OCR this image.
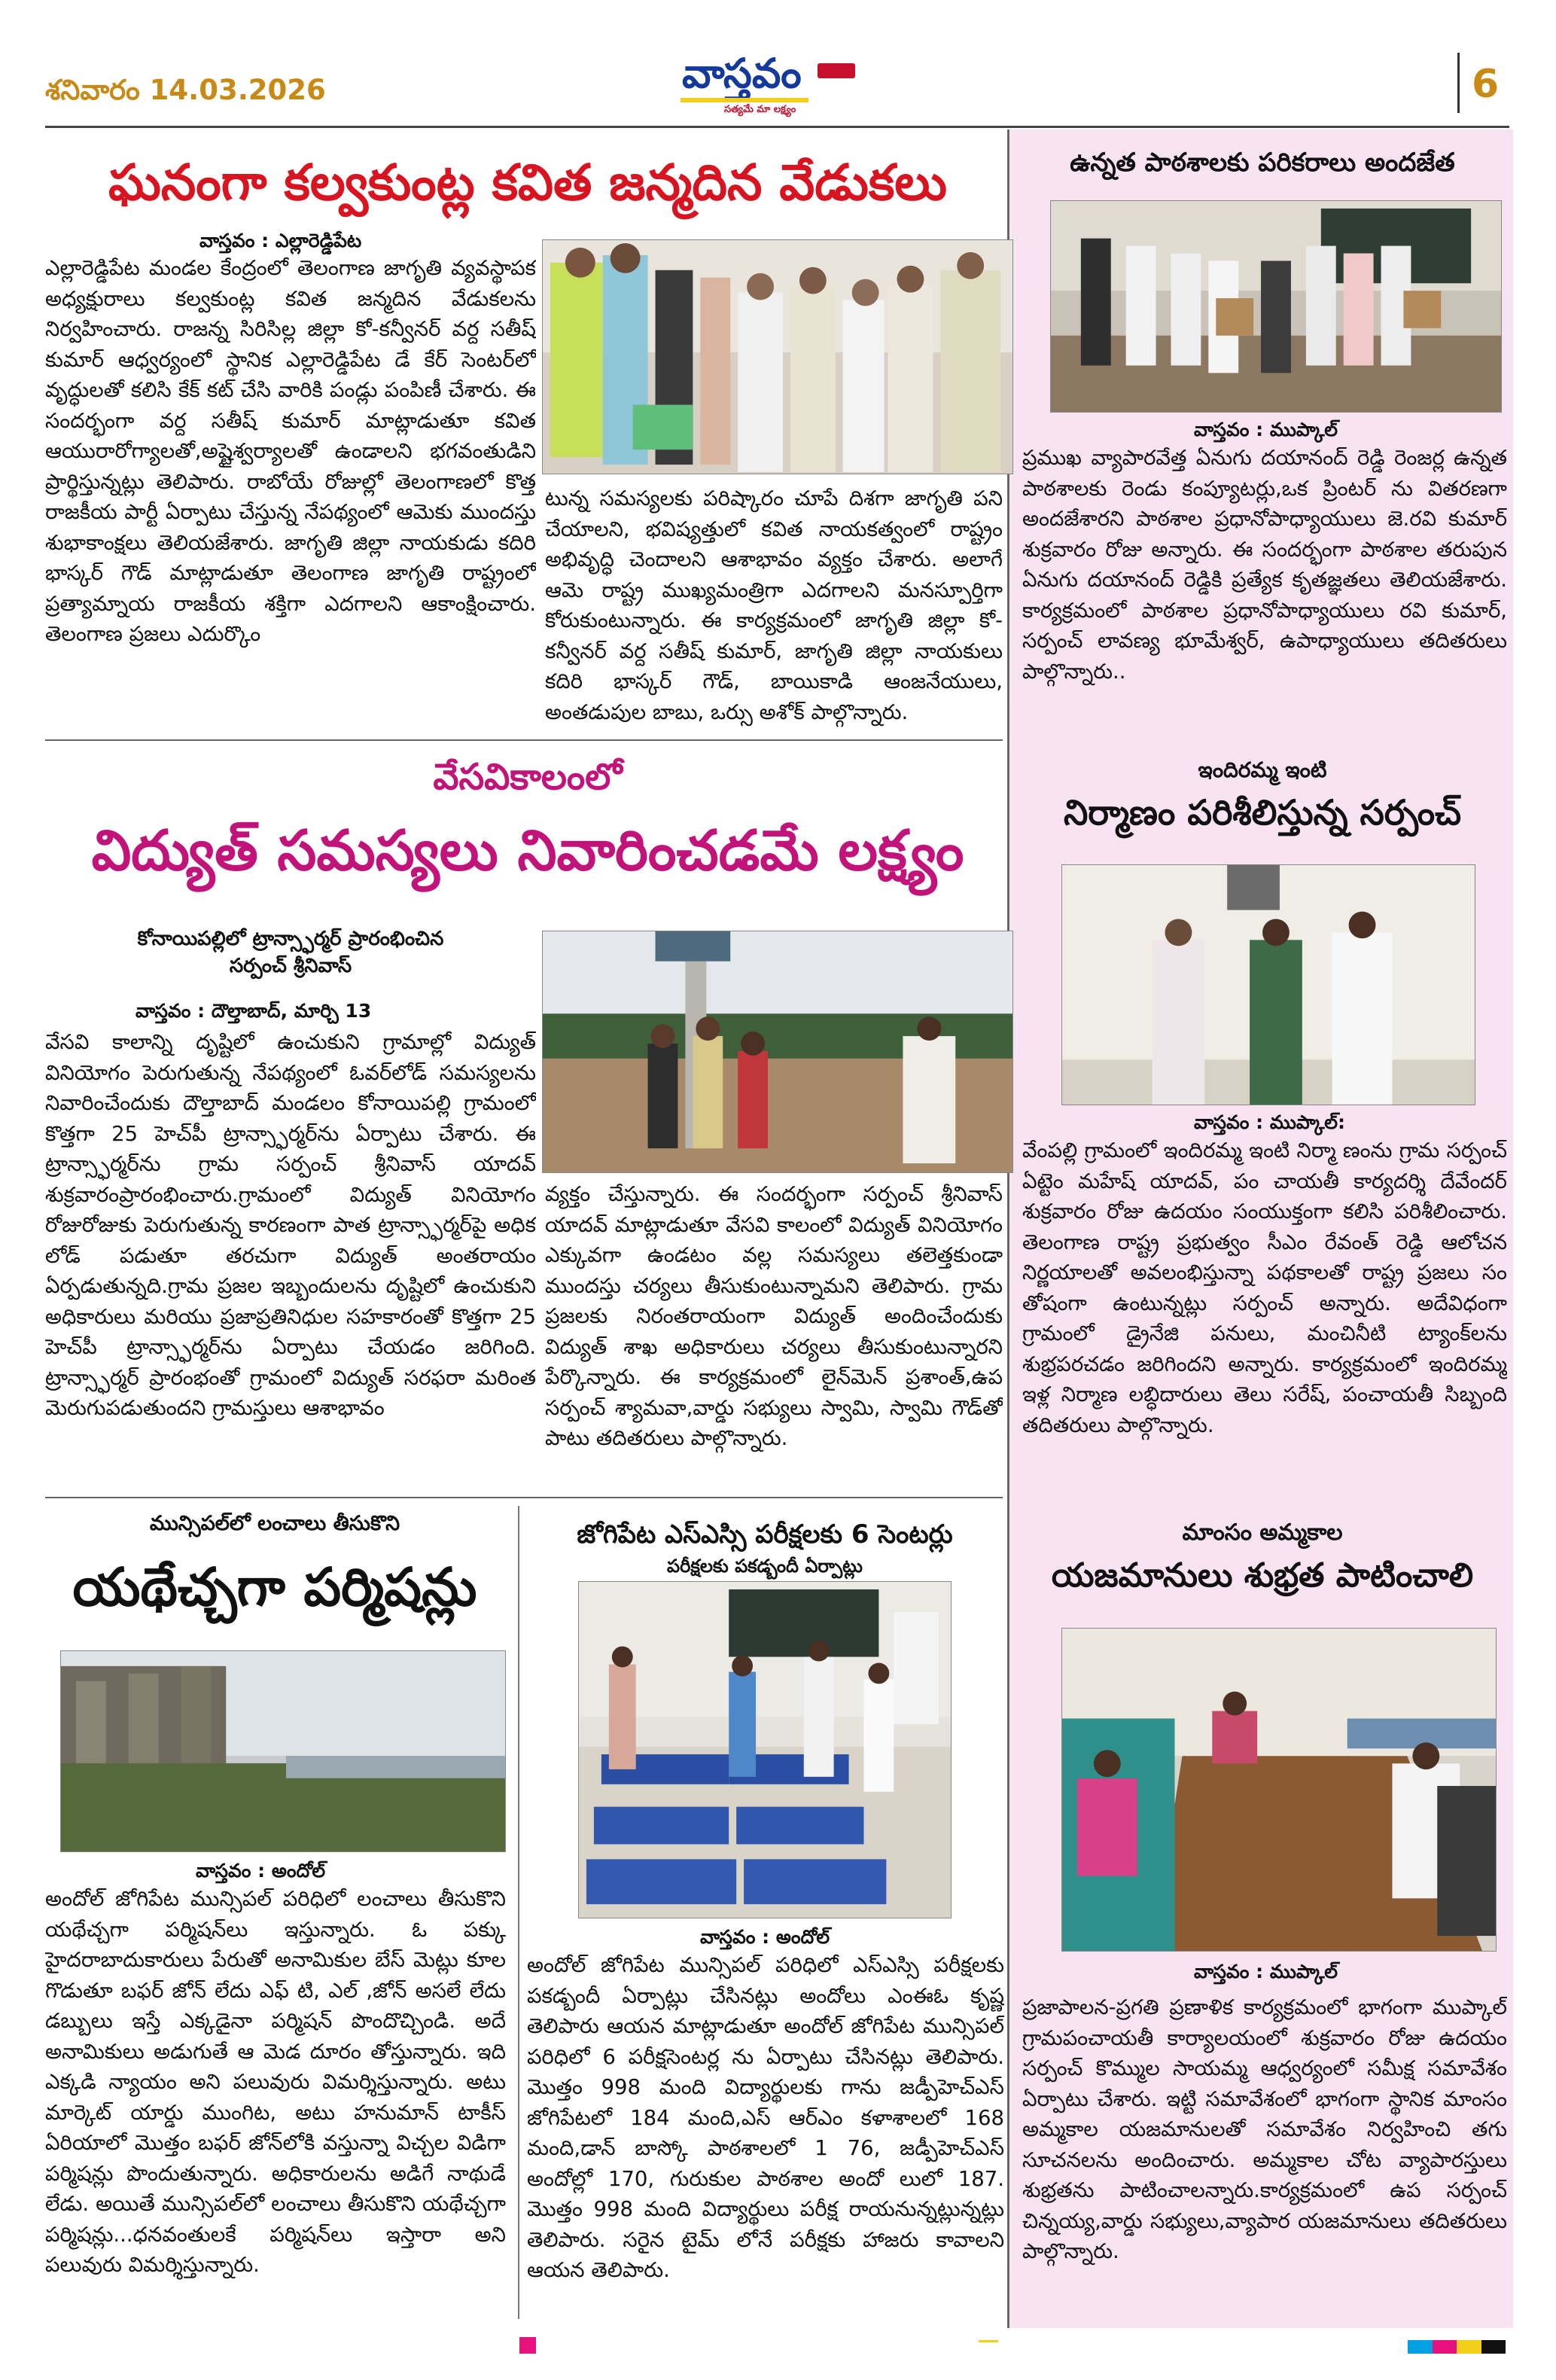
శనివారం 14.03.2026	వాస్తవం
సత్యమే మా లక్ష్యం
6
ఘనంగా కల్వకుంట్ల కవిత జన్మదిన వేడుకలు
వాస్తవం : ఎల్లారెడ్డిపేట
ఎల్లారెడ్డిపేట మండల కేంద్రంలో తెలంగాణ జాగృతి వ్యవస్థాపక అధ్యక్షురాలు కల్వకుంట్ల కవిత జన్మదిన వేడుకలను నిర్వహించారు. రాజన్న సిరిసిల్ల జిల్లా కో-కన్వీనర్ వర్ద సతీష్ కుమార్ ఆధ్వర్యంలో స్థానిక ఎల్లారెడ్డిపేట డే కేర్ సెంటర్‌లో వృద్ధులతో కలిసి కేక్ కట్ చేసి వారికి పండ్లు పంపిణీ చేశారు. ఈ సందర్భంగా వర్ద సతీష్ కుమార్ మాట్లాడుతూ కవిత ఆయురారోగ్యాలతో,అష్టైశ్వర్యాలతో ఉండాలని భగవంతుడిని ప్రార్థిస్తున్నట్లు తెలిపారు. రాబోయే రోజుల్లో తెలంగాణలో కొత్త రాజకీయ పార్టీ ఏర్పాటు చేస్తున్న నేపథ్యంలో ఆమెకు ముందస్తు శుభాకాంక్షలు తెలియజేశారు. జాగృతి జిల్లా నాయకుడు కదిరి భాస్కర్ గౌడ్ మాట్లాడుతూ తెలంగాణ జాగృతి రాష్ట్రంలో ప్రత్యామ్నాయ రాజకీయ శక్తిగా ఎదగాలని ఆకాంక్షించారు. తెలంగాణ ప్రజలు ఎదుర్కొం
టున్న సమస్యలకు పరిష్కారం చూపే దిశగా జాగృతి పని చేయాలని, భవిష్యత్తులో కవిత నాయకత్వంలో రాష్ట్రం అభివృద్ధి చెందాలని ఆశాభావం వ్యక్తం చేశారు. అలాగే ఆమె రాష్ట్ర ముఖ్యమంత్రిగా ఎదగాలని మనస్పూర్తిగా కోరుకుంటున్నారు. ఈ కార్యక్రమంలో జాగృతి జిల్లా కో-కన్వీనర్ వర్ద సతీష్ కుమార్, జాగృతి జిల్లా నాయకులు కదిరి భాస్కర్ గౌడ్, బాయికాడి ఆంజనేయులు, అంతడుపుల బాబు, ఒర్సు అశోక్ పాల్గొన్నారు.
వేసవికాలంలో
విద్యుత్ సమస్యలు నివారించడమే లక్ష్యం
కోనాయిపల్లిలో ట్రాన్స్ఫార్మర్ ప్రారంభించిన
సర్పంచ్ శ్రీనివాస్
వాస్తవం : దౌల్తాబాద్, మార్చి 13
వేసవి కాలాన్ని దృష్టిలో ఉంచుకుని గ్రామాల్లో విద్యుత్ వినియోగం పెరుగుతున్న నేపథ్యంలో ఓవర్‌లోడ్ సమస్యలను నివారించేందుకు దౌల్తాబాద్ మండలం కోనాయిపల్లి గ్రామంలో కొత్తగా 25 హెచ్‌పీ ట్రాన్స్ఫార్మర్‌ను ఏర్పాటు చేశారు. ఈ ట్రాన్స్ఫార్మర్‌ను గ్రామ సర్పంచ్ శ్రీనివాస్ యాదవ్ శుక్రవారంప్రారంభించారు.గ్రామంలో విద్యుత్ వినియోగం రోజురోజుకు పెరుగుతున్న కారణంగా పాత ట్రాన్స్ఫార్మర్‌పై అధిక లోడ్ పడుతూ తరచుగా విద్యుత్ అంతరాయం ఏర్పడుతున్నది.గ్రామ ప్రజల ఇబ్బందులను దృష్టిలో ఉంచుకుని అధికారులు మరియు ప్రజాప్రతినిధుల సహకారంతో కొత్తగా 25 హెచ్‌పీ ట్రాన్స్ఫార్మర్‌ను ఏర్పాటు చేయడం జరిగింది. ట్రాన్స్ఫార్మర్ ప్రారంభంతో గ్రామంలో విద్యుత్ సరఫరా మరింత మెరుగుపడుతుందని గ్రామస్తులు ఆశాభావం
వ్యక్తం చేస్తున్నారు. ఈ సందర్భంగా సర్పంచ్ శ్రీనివాస్ యాదవ్ మాట్లాడుతూ వేసవి కాలంలో విద్యుత్ వినియోగం ఎక్కువగా ఉండటం వల్ల సమస్యలు తలెత్తకుండా ముందస్తు చర్యలు తీసుకుంటున్నామని తెలిపారు. గ్రామ ప్రజలకు నిరంతరాయంగా విద్యుత్ అందించేందుకు విద్యుత్ శాఖ అధికారులు చర్యలు తీసుకుంటున్నారని పేర్కొన్నారు. ఈ కార్యక్రమంలో లైన్‌మెన్ ప్రశాంత్,ఉప సర్పంచ్ శ్యామవా,వార్డు సభ్యులు స్వామి, స్వామి గౌడ్‌తో పాటు తదితరులు పాల్గొన్నారు.
మున్సిపల్‌లో లంచాలు తీసుకొని
యథేచ్చగా పర్మిషన్లు
వాస్తవం : అందోల్
అందోల్ జోగిపేట మున్సిపల్ పరిధిలో లంచాలు తీసుకొని యథేచ్చగా పర్మిషన్‌లు ఇస్తున్నారు. ఓ పక్కు హైదరాబాదుకారులు పేరుతో అనామికుల బేస్ మెట్లు కూల గొడుతూ బఫర్ జోన్ లేదు ఎఫ్ టి, ఎల్ ,జోన్ అసలే లేదు డబ్బులు ఇస్తే ఎక్కడైనా పర్మిషన్ పొందొచ్చిండి. అదే అనామికులు అడుగుతే ఆ మెడ దూరం తోస్తున్నారు. ఇది ఎక్కడి న్యాయం అని పలువురు విమర్శిస్తున్నారు. అటు మార్కెట్ యార్డు ముంగిట, అటు హనుమాన్ టాకీస్ ఏరియాలో మొత్తం బఫర్ జోన్‌లోకి వస్తున్నా విచ్చల విడిగా పర్మిషన్లు పొందుతున్నారు. అధికారులను అడిగే నాథుడే లేడు. అయితే మున్సిపల్‌లో లంచాలు తీసుకొని యథేచ్చగా పర్మిషన్లు...ధనవంతులకే పర్మిషన్‌లు ఇస్తారా అని పలువురు విమర్శిస్తున్నారు.
జోగిపేట ఎస్ఎస్సి పరీక్షలకు 6 సెంటర్లు
పరీక్షలకు పకడ్బందీ ఏర్పాట్లు
వాస్తవం : అందోల్
అందోల్ జోగిపేట మున్సిపల్ పరిధిలో ఎస్ఎస్సి పరీక్షలకు పకడ్బందీ ఏర్పాట్లు చేసినట్లు అందోలు ఎంఈఓ కృష్ణ తెలిపారు ఆయన మాట్లాడుతూ అందోల్ జోగిపేట మున్సిపల్ పరిధిలో 6 పరీక్షసెంటర్ల ను ఏర్పాటు చేసినట్లు తెలిపారు. మొత్తం 998 మంది విద్యార్థులకు గాను జడ్పీహెచ్ఎస్ జోగిపేటలో 184 మంది,ఎస్ ఆర్ఎం కళాశాలలో 168 మంది,డాన్ బాస్కో పాఠశాలలో 1 76, జడ్పీహెచ్ఎస్ అందోల్లో 170, గురుకుల పాఠశాల అందో లులో 187. మొత్తం 998 మంది విద్యార్థులు పరీక్ష రాయనున్నట్లున్నట్లు తెలిపారు. సరైన టైమ్ లోనే పరీక్షకు హాజరు కావాలని ఆయన తెలిపారు.
ఉన్నత పాఠశాలకు పరికరాలు అందజేత
వాస్తవం : ముప్కాల్
ప్రముఖ వ్యాపారవేత్త ఏనుగు దయానంద్ రెడ్డి రెంజర్ల ఉన్నత పాఠశాలకు రెండు కంప్యూటర్లు,ఒక ప్రింటర్ ను వితరణగా అందజేశారని పాఠశాల ప్రధానోపాధ్యాయులు జె.రవి కుమార్ శుక్రవారం రోజు అన్నారు. ఈ సందర్భంగా పాఠశాల తరుపున ఏనుగు దయానంద్ రెడ్డికి ప్రత్యేక కృతజ్ఞతలు తెలియజేశారు. కార్యక్రమంలో పాఠశాల ప్రధానోపాధ్యాయులు రవి కుమార్, సర్పంచ్ లావణ్య భూమేశ్వర్, ఉపాధ్యాయులు తదితరులు పాల్గొన్నారు..
ఇందిరమ్మ ఇంటి
నిర్మాణం పరిశీలిస్తున్న సర్పంచ్
వాస్తవం : ముప్కాల్:
వేంపల్లి గ్రామంలో ఇందిరమ్మ ఇంటి నిర్మా ణంను గ్రామ సర్పంచ్ ఏట్టెం మహేష్ యాదవ్, పం చాయతీ కార్యదర్శి దేవేందర్ శుక్రవారం రోజు ఉదయం సంయుక్తంగా కలిసి పరిశీలించారు. తెలంగాణ రాష్ట్ర ప్రభుత్వం సీఎం రేవంత్ రెడ్డి ఆలోచన నిర్ణయాలతో అవలంభిస్తున్నా పథకాలతో రాష్ట్ర ప్రజలు సం తోషంగా ఉంటున్నట్లు సర్పంచ్ అన్నారు. అదేవిధంగా గ్రామంలో డ్రైనేజి పనులు, మంచినీటి ట్యాంక్‌లను శుభ్రపరచడం జరిగిందని అన్నారు. కార్యక్రమంలో ఇందిరమ్మ ఇళ్ల నిర్మాణ లబ్ధిదారులు తెలు సరేష్, పంచాయతీ సిబ్బంది తదితరులు పాల్గొన్నారు.
మాంసం అమ్మకాల
యజమానులు శుభ్రత పాటించాలి
వాస్తవం : ముప్కాల్
ప్రజాపాలన-ప్రగతి ప్రణాళిక కార్యక్రమంలో భాగంగా ముప్కాల్ గ్రామపంచాయతీ కార్యాలయంలో శుక్రవారం రోజు ఉదయం సర్పంచ్ కొమ్ముల సాయమ్మ ఆధ్వర్యంలో సమీక్ష సమావేశం ఏర్పాటు చేశారు. ఇట్టి సమావేశంలో భాగంగా స్థానిక మాంసం అమ్మకాల యజమానులతో సమావేశం నిర్వహించి తగు సూచనలను అందించారు. అమ్మకాల చోట వ్యాపారస్తులు శుభ్రతను పాటించాలన్నారు.కార్యక్రమంలో ఉప సర్పంచ్ చిన్నయ్య,వార్డు సభ్యులు,వ్యాపార యజమానులు తదితరులు పాల్గొన్నారు.
